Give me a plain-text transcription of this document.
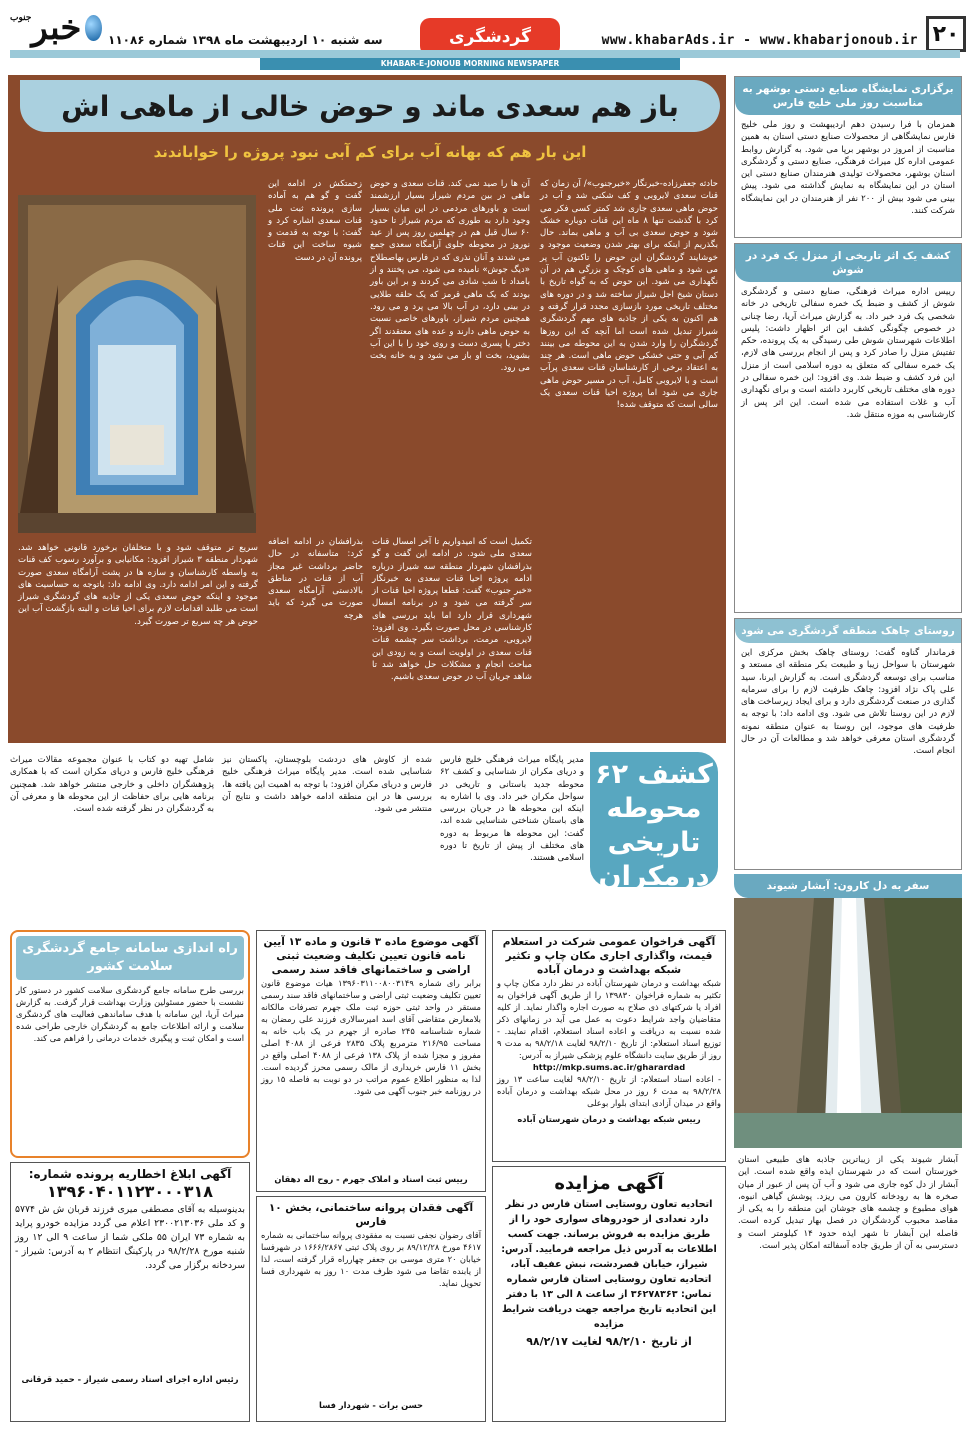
۲۰
www.khabarAds.ir - www.khabarjonoub.ir
گردشگری
سه شنبه ۱۰ اردیبهشت ماه ۱۳۹۸ شماره ۱۱۰۸۶
خبر
جنوب
KHABAR-E-JONOUB MORNING NEWSPAPER
باز هم سعدی ماند و حوض خالی از ماهی اش
این بار هم که بهانه آب برای کم آبی نبود پروژه را خواباندند

حادثه جعفرزاده-خبرنگار «خبرجنوب»/ آن زمان که قنات سعدی لایروبی و کف شکنی شد و آب در حوض ماهی سعدی جاری شد کمتر کسی فکر می کرد با گذشت تنها ۸ ماه این قنات دوباره خشک شود و حوض سعدی بی آب و ماهی بماند. حال بگذریم از اینکه برای بهتر شدن وضعیت موجود و خوشایند گردشگران این حوض را تاکنون آب پر می شود و ماهی های کوچک و بزرگی هم در آن نگهداری می شود. این حوض که به گواه تاریخ با دستان شیخ اجل شیراز ساخته شد و در دوره های مختلف تاریخی مورد بازسازی مجدد قرار گرفته و هم اکنون به یکی از جاذبه های مهم گردشگری شیراز تبدیل شده است اما آنچه که این روزها گردشگران را وارد شدن به این محوطه می بینند کم آبی و حتی خشکی حوض ماهی است. هر چند به اعتقاد برخی از کارشناسان قنات سعدی پرآب است و با لایروبی کامل، آب در مسیر حوض ماهی جاری می شود اما پروژه احیا قنات سعدی یک سالی است که متوقف شده!

آن ها را صید نمی کند. قنات سعدی و حوض ماهی در بین مردم شیراز بسیار ارزشمند است و باورهای مردمی در این میان بسیار وجود دارد به طوری که مردم شیراز تا حدود ۶۰ سال قبل هم در چهلمین روز پس از عید نوروز در محوطه جلوی آرامگاه سعدی جمع می شدند و آنان نذری که در فارس بهاصطلاح «دیگ جوش» نامیده می شود، می پختند و از بامداد تا شب شادی می کردند و بر این باور بودند که یک ماهی قرمز که یک حلقه طلایی در بینی دارد، در آب بالا می پرد و می رود. همچنین مردم شیراز، باورهای خاصی نسبت به حوض ماهی دارند و عده های معتقدند اگر دختر یا پسری دست و روی خود را با این آب بشوید، بخت او باز می شود و به خانه بخت می رود.

زحمتکش در ادامه این گفت و گو هم به آماده سازی پرونده ثبت ملی قنات سعدی اشاره کرد و گفت: با توجه به قدمت و شیوه ساخت این قنات پرونده آن در دست

بذرافشان در ادامه اضافه کرد: متاسفانه در حال حاضر برداشت غیر مجاز آب از قنات در مناطق بالادستی آرامگاه سعدی صورت می گیرد که باید هرچه

تکمیل است که امیدواریم تا آخر امسال قنات سعدی ملی شود. در ادامه این گفت و گو بذرافشان شهردار منطقه سه شیراز درباره ادامه پروژه احیا قنات سعدی به خبرنگار «خبر جنوب» گفت: قطعا پروژه احیا قنات از سر گرفته می شود و در برنامه امسال شهرداری قرار دارد اما باید بررسی های کارشناسی در محل صورت بگیرد. وی افزود: لایروبی، مرمت، برداشت سر چشمه قنات قنات سعدی در اولویت است و به زودی این مباحث انجام و مشکلات حل خواهد شد تا شاهد جریان آب در حوض سعدی باشیم.

سریع تر متوقف شود و با متخلفان برخورد قانونی خواهد شد. شهردار منطقه ۳ شیراز افزود: مکانیابی و برآورد رسوب کف قنات به واسطه کارشناسان و سازه ها در پشت آرامگاه سعدی صورت گرفته و این امر ادامه دارد. وی ادامه داد: باتوجه به حساسیت های موجود و اینکه حوض سعدی یکی از جاذبه های گردشگری شیراز است می طلبد اقدامات لازم برای احیا قنات و البته بازگشت آب این حوض هر چه سریع تر صورت گیرد.

برگزاری نمایشگاه صنایع دستی بوشهر به مناسبت روز ملی خلیج فارس

همزمان با فرا رسیدن دهم اردیبهشت و روز ملی خلیج فارس نمایشگاهی از محصولات صنایع دستی استان به همین مناسبت از امروز در بوشهر برپا می شود. به گزارش روابط عمومی اداره کل میراث فرهنگی، صنایع دستی و گردشگری استان بوشهر، محصولات تولیدی هنرمندان صنایع دستی این استان در این نمایشگاه به نمایش گذاشته می شود. پیش بینی می شود بیش از ۲۰۰ نفر از هنرمندان در این نمایشگاه شرکت کنند.

کشف یک اثر تاریخی از منزل یک فرد در شوش

رییس اداره میراث فرهنگی، صنایع دستی و گردشگری شوش از کشف و ضبط یک خمره سفالی تاریخی در خانه شخصی یک فرد خبر داد. به گزارش میراث آریا، رضا چنانی در خصوص چگونگی کشف این اثر اظهار داشت: پلیس اطلاعات شهرستان شوش طی رسیدگی به یک پرونده، حکم تفتیش منزل را صادر کرد و پس از انجام بررسی های لازم، یک خمره سفالی که متعلق به دوره اسلامی است از منزل این فرد کشف و ضبط شد. وی افزود: این خمره سفالی در دوره های مختلف تاریخی کاربرد داشته است و برای نگهداری آب و غلات استفاده می شده است. این اثر پس از کارشناسی به موزه منتقل شد.

روستای چاهک منطقه گردشگری می شود

فرماندار گناوه گفت: روستای چاهک بخش مرکزی این شهرستان با سواحل زیبا و طبیعت بکر منطقه ای مستعد و مناسب برای توسعه گردشگری است. به گزارش ایرنا، سید علی پاک نژاد افزود: چاهک ظرفیت لازم را برای سرمایه گذاری در صنعت گردشگری دارد و برای ایجاد زیرساخت های لازم در این روستا تلاش می شود. وی ادامه داد: با توجه به ظرفیت های موجود، این روستا به عنوان منطقه نمونه گردشگری استان معرفی خواهد شد و مطالعات آن در حال انجام است.

سفر به دل کارون: آبشار شیوند

آبشار شیوند یکی از زیباترین جاذبه های طبیعی استان خوزستان است که در شهرستان ایذه واقع شده است. این آبشار از دل کوه جاری می شود و آب آن پس از عبور از میان صخره ها به رودخانه کارون می ریزد. پوشش گیاهی انبوه، هوای مطبوع و چشمه های جوشان این منطقه را به یکی از مقاصد محبوب گردشگران در فصل بهار تبدیل کرده است. فاصله این آبشار تا شهر ایذه حدود ۱۴ کیلومتر است و دسترسی به آن از طریق جاده آسفالته امکان پذیر است.

کشف ۶۲ محوطه تاریخی درمکران

مدیر پایگاه میراث فرهنگی خلیج فارس و دریای مکران از شناسایی و کشف ۶۲ محوطه جدید باستانی و تاریخی در سواحل مکران خبر داد. وی با اشاره به اینکه این محوطه ها در جریان بررسی های باستان شناختی شناسایی شده اند، گفت: این محوطه ها مربوط به دوره های مختلف از پیش از تاریخ تا دوره اسلامی هستند.

شده از کاوش های دردشت بلوچستان، پاکستان نیز شناسایی شده است. مدیر پایگاه میراث فرهنگی خلیج فارس و دریای مکران افزود: با توجه به اهمیت این یافته ها، بررسی ها در این منطقه ادامه خواهد داشت و نتایج آن منتشر می شود.

شامل تهیه دو کتاب با عنوان مجموعه مقالات میراث فرهنگی خلیج فارس و دریای مکران است که با همکاری پژوهشگران داخلی و خارجی منتشر خواهد شد. همچنین برنامه هایی برای حفاظت از این محوطه ها و معرفی آن به گردشگران در نظر گرفته شده است.

آگهی فراخوان عمومی شرکت در استعلام قیمت، واگذاری اجاری مکان چاپ و تکثیر شبکه بهداشت و درمان آباده

شبکه بهداشت و درمان شهرستان آباده در نظر دارد مکان چاپ و تکثیر به شماره فراخوان ۱۳۹۸۳۰ را از طریق آگهی فراخوان به افراد یا شرکتهای ذی صلاح به صورت اجاره واگذار نماید. از کلیه متقاضیان واجد شرایط دعوت به عمل می آید در زمانهای ذکر شده نسبت به دریافت و اعاده اسناد استعلام، اقدام نمایند. - توزیع اسناد استعلام: از تاریخ ۹۸/۲/۱۰ لغایت ۹۸/۲/۱۸ به مدت ۹ روز از طریق سایت دانشگاه علوم پزشکی شیراز به آدرس:

http://mkp.sums.ac.ir/gharardad

- اعاده اسناد استعلام: از تاریخ ۹۸/۲/۱۰ لغایت ساعت ۱۳ روز ۹۸/۲/۲۸ به مدت ۶ روز در محل شبکه بهداشت و درمان آباده واقع در میدان آزادی ابتدای بلوار بوعلی

رییس شبکه بهداشت و درمان شهرستان آباده

آگهی مزایده

اتحادیه تعاون روستایی استان فارس در نظر دارد تعدادی از خودروهای سواری خود را از طریق مزایده به فروش برساند. جهت کسب اطلاعات به آدرس ذیل مراجعه فرمایید. آدرس: شیراز، خیابان قصردشت، نبش عفیف آباد، اتحادیه تعاون روستایی استان فارس شماره تماس: ۳۶۲۷۸۳۶۳ از ساعت ۸ الی ۱۳ با دفتر این اتحادیه تاریخ مراجعه جهت دریافت شرایط مزایده

از تاریخ ۹۸/۲/۱۰ لغایت ۹۸/۲/۱۷

آگهی موضوع ماده ۳ قانون و ماده ۱۳ آیین نامه قانون تعیین تکلیف وضعیت ثبتی اراضی و ساختمانهای فاقد سند رسمی

برابر رای شماره ۱۳۹۶۰۳۱۱۰۰۸۰۰۳۱۴۹ هیات موضوع قانون تعیین تکلیف وضعیت ثبتی اراضی و ساختمانهای فاقد سند رسمی مستقر در واحد ثبتی حوزه ثبت ملک جهرم تصرفات مالکانه بلامعارض متقاضی آقای اسد امیرسالاری فرزند علی رمضان به شماره شناسنامه ۲۴۵ صادره از جهرم در یک باب خانه به مساحت ۲۱۶/۹۵ مترمربع پلاک ۲۸۳۵ فرعی از ۴۰۸۸ اصلی مفروز و مجزا شده از پلاک ۱۳۸ فرعی از ۴۰۸۸ اصلی واقع در بخش ۱۱ فارس خریداری از مالک رسمی محرز گردیده است. لذا به منظور اطلاع عموم مراتب در دو نوبت به فاصله ۱۵ روز در روزنامه خبر جنوب آگهی می شود.

رییس ثبت اسناد و املاک جهرم - روح اله دهقان

آگهی فقدان پروانه ساختمانی، بخش ۱۰ فارس

آقای رضوان نجفی نسبت به مفقودی پروانه ساختمانی به شماره ۴۶۱۷ مورخ ۸۹/۱۲/۲۸ بر روی پلاک ثبتی ۱۶۶۶/۲۸۶۷ در شهرفسا خیابان ۲۰ متری موسی بن جعفر چهارراه قرار گرفته است، لذا از یابنده تقاضا می شود ظرف مدت ۱۰ روز به شهرداری فسا تحویل نماید.

حسن برات - شهردار فسا

راه اندازی سامانه جامع گردشگری سلامت کشور

بررسی طرح سامانه جامع گردشگری سلامت کشور در دستور کار نشست با حضور مسئولین وزارت بهداشت قرار گرفت. به گزارش میراث آریا، این سامانه با هدف ساماندهی فعالیت های گردشگری سلامت و ارائه اطلاعات جامع به گردشگران خارجی طراحی شده است و امکان ثبت و پیگیری خدمات درمانی را فراهم می کند.

آگهی ابلاغ اخطاریه پرونده شماره:
۱۳۹۶۰۴۰۱۱۲۳۰۰۰۳۱۸

بدینوسیله به آقای مصطفی میری فرزند قربان ش ش ۵۷۷۴ و کد ملی ۲۳۰۰۲۱۳۰۳۶ اعلام می گردد مزایده خودرو پراید به شماره ۷۳ ایران ۵۵ ملکی شما از ساعت ۹ الی ۱۲ روز شنبه مورخ ۹۸/۲/۲۸ در پارکینگ انتظام ۲ به آدرس: شیراز - سردخانه برگزار می گردد.

رئیس اداره اجرای اسناد رسمی شیراز - حمید قرقانی
